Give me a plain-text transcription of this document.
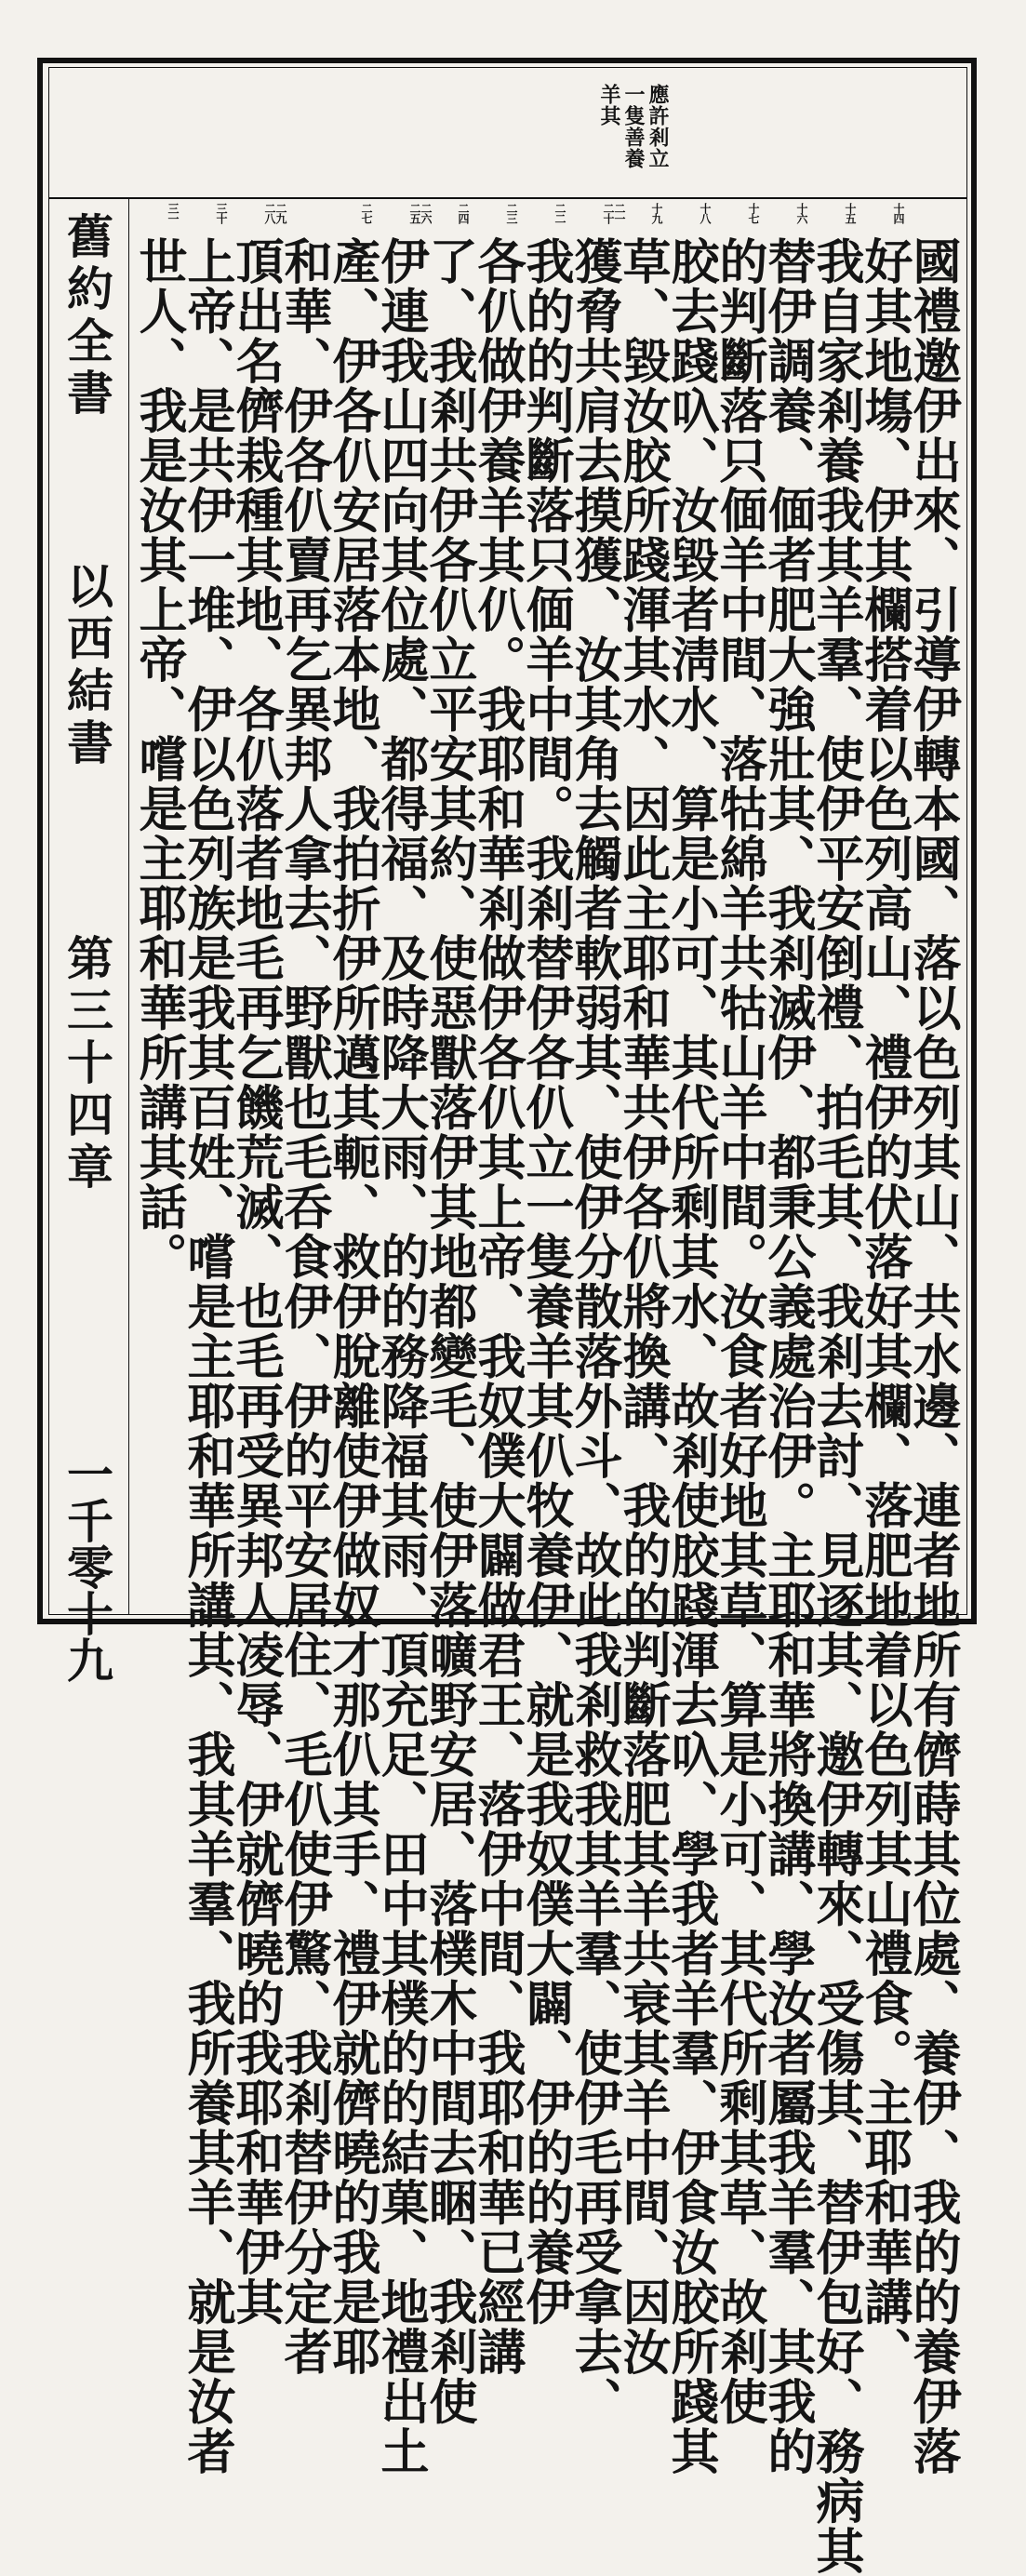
應許剎立
一隻善養
羊其
舊約全書
以西結書
第三十四章
一千零十九
三一	三十	二九 二八	二七	二六 二五	二四	二三	二二	二一 二十	十九	十八	十七	十六	十五	十四
世人、我是汝其上帝、嚐是主耶和華所講其話。
上帝、是共伊一堆、伊以色列族是我其百姓、嚐是主耶和華所講其、我其羊羣、我所養其羊、就是汝者
頂出名儕栽種其地、各仈落者地毛再乞饑荒滅、也毛再受異邦人凌辱、伊就儕曉的我耶和華伊其
和華、伊各仈賣再乞異邦人拿去、野獸也毛呑食伊、伊的平安居住、毛仈使伊驚、我剎替伊分定者
產、伊各仈安居落本地、我拍折伊所邁其軛、救伊脫離使伊做奴才那仈其手、禮伊就儕曉的我是耶
伊連我山四向其位處、都得福、及時降大雨、的的務降福其雨、頂充足、田中其樸的的結菓、地禮出土
了、我剎共伊各仈立平安其約、使惡獸落伊其地都變毛、使伊落曠野安居、落樸木中間去睏、我剎使
各仈做伊養羊其仈。我耶和華剎做伊各仈其上帝、我奴僕大闢做君王、落伊中間、我耶和華已經講
我的的判斷落只偭羊中間。我剎替伊各仈立一隻養羊其仈牧養伊、就是我奴僕大闢、伊的的養伊
獲脅共肩去摸獲、汝其角去觸者軟弱其、使伊分散落外斗、故此我剎救我其羊羣、使伊毛再受拿去、
草、毀汝胶所踐渾其水、因此主耶和華共伊各仈將換講、我的的判斷落肥其羊共衰其羊中間、因汝
胶去踐叺、汝毀者淸水、算是小可、其代所剩其水、故剎使胶踐渾去叺、學我者羊羣、伊食汝胶所踐其
的判斷落只偭羊中間、落牯綿羊共牯山羊中間。汝食者好地其草、算是小可、其代所剩其草、故剎使
替伊調養、偭者肥大強壯其、我剎滅伊、都秉公義處治伊。主耶和華將換講、學汝者屬我羊羣、其我的
我自家剎養我其羊羣、使伊平安倒禮、拍毛其、我剎去討、見逐其、邀伊轉來、受傷其、替伊包好、務病其
好其地塲、伊其欄搭着以色列高山、禮伊的伏落好其欄、落肥地着以色列其山禮食。主耶和華講、
國禮邀伊出來、引導伊轉本國、落以色列其山、共水邊、連者地所有儕蒔其位處、養伊、我的的養伊落
